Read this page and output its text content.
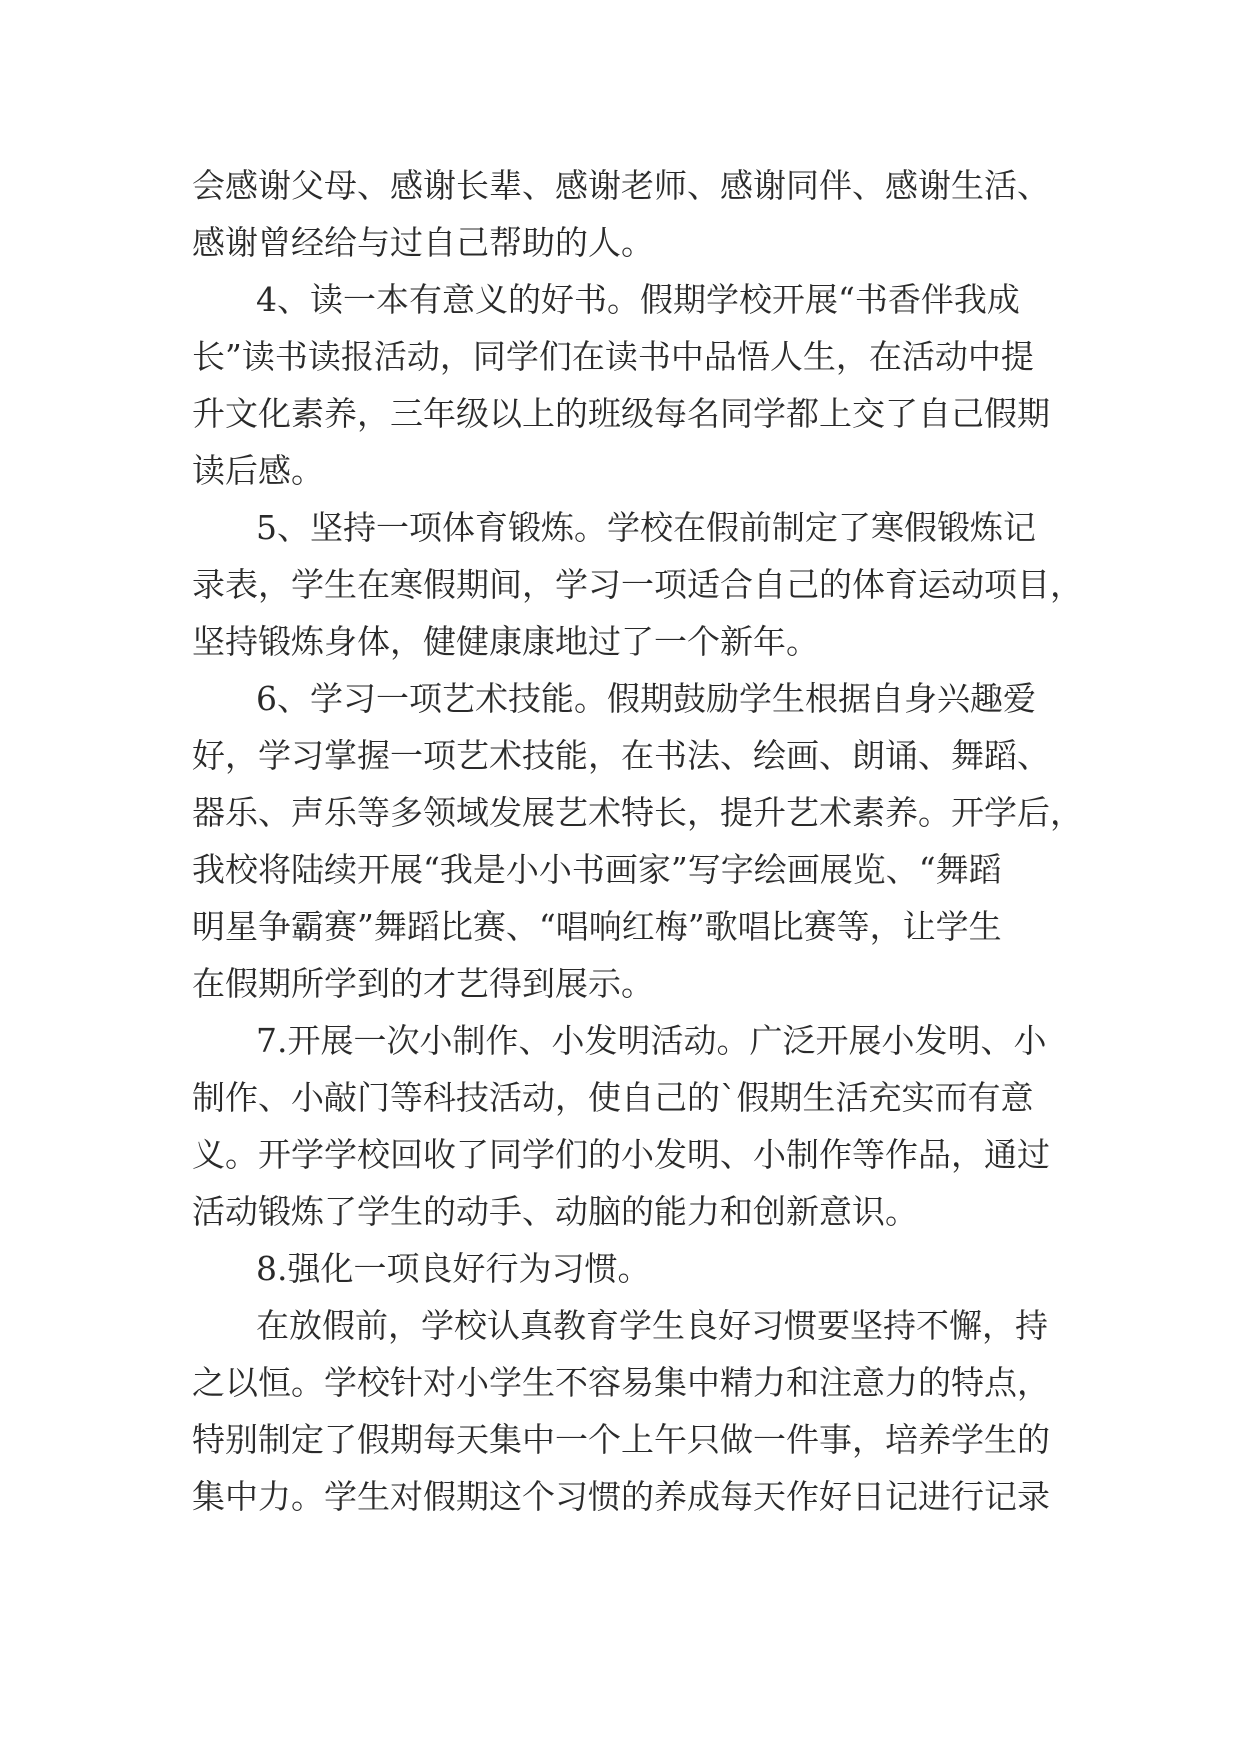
会感谢父母、感谢长辈、感谢老师、感谢同伴、感谢生活、
感谢曾经给与过自己帮助的人。
4、读一本有意义的好书。假期学校开展“书香伴我成
长”读书读报活动，同学们在读书中品悟人生，在活动中提
升文化素养，三年级以上的班级每名同学都上交了自己假期
读后感。
5、坚持一项体育锻炼。学校在假前制定了寒假锻炼记
录表，学生在寒假期间，学习一项适合自己的体育运动项目，
坚持锻炼身体，健健康康地过了一个新年。
6、学习一项艺术技能。假期鼓励学生根据自身兴趣爱
好，学习掌握一项艺术技能，在书法、绘画、朗诵、舞蹈、
器乐、声乐等多领域发展艺术特长，提升艺术素养。开学后，
我校将陆续开展“我是小小书画家”写字绘画展览、“舞蹈
明星争霸赛”舞蹈比赛、“唱响红梅”歌唱比赛等，让学生
在假期所学到的才艺得到展示。
7.开展一次小制作、小发明活动。广泛开展小发明、小
制作、小敲门等科技活动，使自己的`假期生活充实而有意
义。开学学校回收了同学们的小发明、小制作等作品，通过
活动锻炼了学生的动手、动脑的能力和创新意识。
8.强化一项良好行为习惯。
在放假前，学校认真教育学生良好习惯要坚持不懈，持
之以恒。学校针对小学生不容易集中精力和注意力的特点，
特别制定了假期每天集中一个上午只做一件事，培养学生的
集中力。学生对假期这个习惯的养成每天作好日记进行记录
